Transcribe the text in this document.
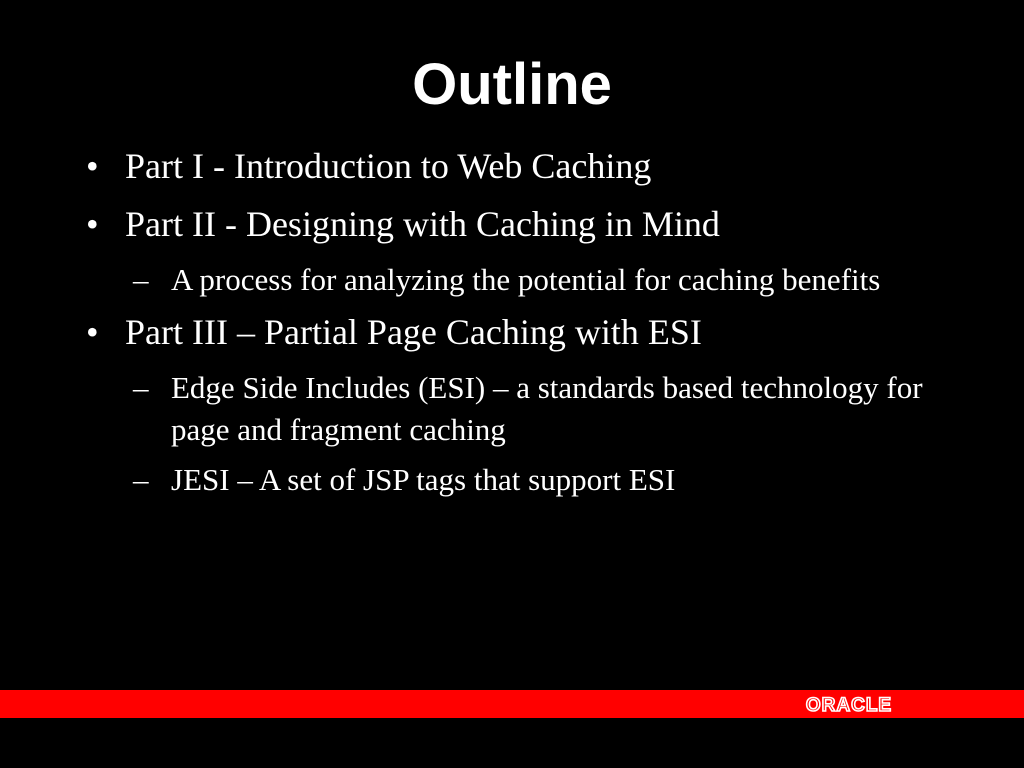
Outline
• Part I - Introduction to Web Caching
• Part II - Designing with Caching in Mind
– A process for analyzing the potential for caching benefits
• Part III – Partial Page Caching with ESI
– Edge Side Includes (ESI) – a standards based technology for page and fragment caching
– JESI – A set of JSP tags that support ESI
ORACLE
